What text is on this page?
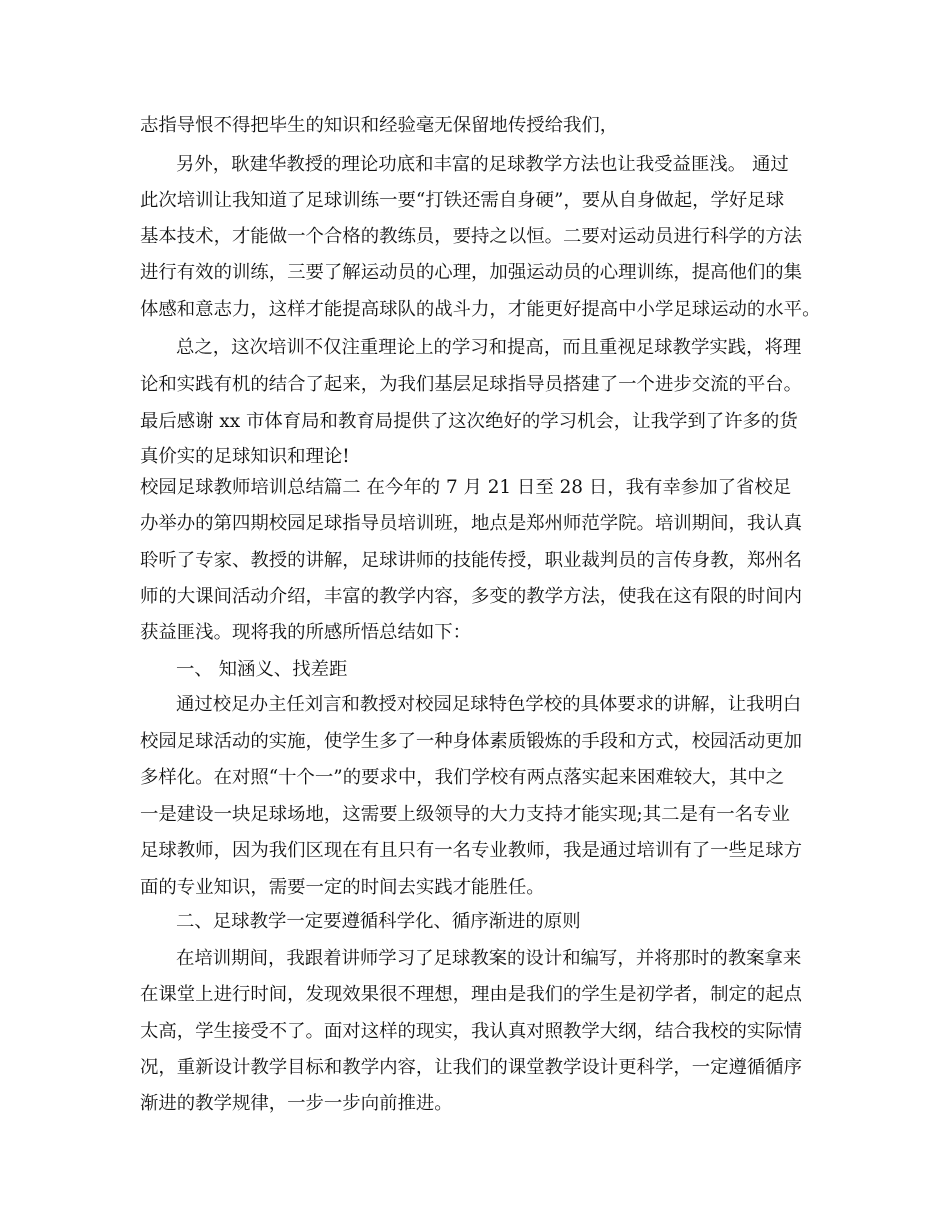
志指导恨不得把毕生的知识和经验毫无保留地传授给我们，
另外，耿建华教授的理论功底和丰富的足球教学方法也让我受益匪浅。 通过
此次培训让我知道了足球训练一要“打铁还需自身硬”，要从自身做起，学好足球
基本技术，才能做一个合格的教练员，要持之以恒。二要对运动员进行科学的方法
进行有效的训练，三要了解运动员的心理，加强运动员的心理训练，提高他们的集
体感和意志力，这样才能提高球队的战斗力，才能更好提高中小学足球运动的水平。
总之，这次培训不仅注重理论上的学习和提高，而且重视足球教学实践，将理
论和实践有机的结合了起来，为我们基层足球指导员搭建了一个进步交流的平台。
最后感谢 xx 市体育局和教育局提供了这次绝好的学习机会，让我学到了许多的货
真价实的足球知识和理论!
校园足球教师培训总结篇二 在今年的 7 月 21 日至 28 日，我有幸参加了省校足
办举办的第四期校园足球指导员培训班，地点是郑州师范学院。培训期间，我认真
聆听了专家、教授的讲解，足球讲师的技能传授，职业裁判员的言传身教，郑州名
师的大课间活动介绍，丰富的教学内容，多变的教学方法，使我在这有限的时间内
获益匪浅。现将我的所感所悟总结如下：
一、 知涵义、找差距
通过校足办主任刘言和教授对校园足球特色学校的具体要求的讲解，让我明白
校园足球活动的实施，使学生多了一种身体素质锻炼的手段和方式，校园活动更加
多样化。在对照“十个一”的要求中，我们学校有两点落实起来困难较大，其中之
一是建设一块足球场地，这需要上级领导的大力支持才能实现;其二是有一名专业
足球教师，因为我们区现在有且只有一名专业教师，我是通过培训有了一些足球方
面的专业知识，需要一定的时间去实践才能胜任。
二、足球教学一定要遵循科学化、循序渐进的原则
在培训期间，我跟着讲师学习了足球教案的设计和编写，并将那时的教案拿来
在课堂上进行时间，发现效果很不理想，理由是我们的学生是初学者，制定的起点
太高，学生接受不了。面对这样的现实，我认真对照教学大纲，结合我校的实际情
况，重新设计教学目标和教学内容，让我们的课堂教学设计更科学，一定遵循循序
渐进的教学规律，一步一步向前推进。
